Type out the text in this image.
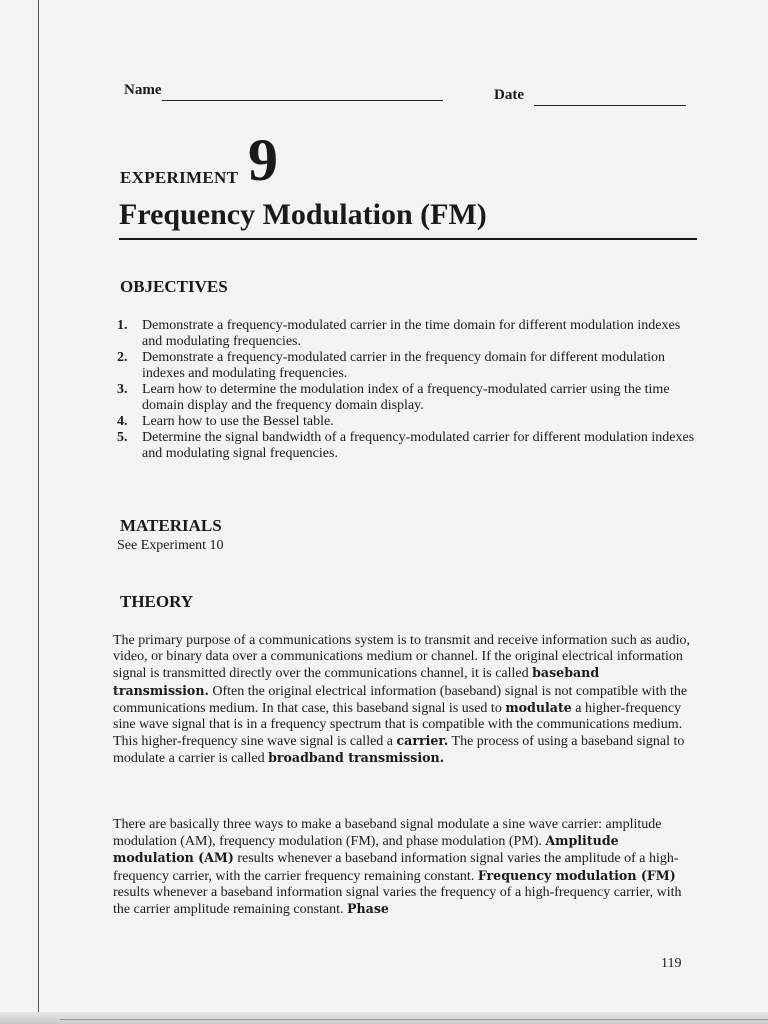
Name	Date
EXPERIMENT 9
Frequency Modulation (FM)
OBJECTIVES
1. Demonstrate a frequency-modulated carrier in the time domain for different modulation indexes and modulating frequencies.
2. Demonstrate a frequency-modulated carrier in the frequency domain for different modulation indexes and modulating frequencies.
3. Learn how to determine the modulation index of a frequency-modulated carrier using the time domain display and the frequency domain display.
4. Learn how to use the Bessel table.
5. Determine the signal bandwidth of a frequency-modulated carrier for different modulation indexes and modulating signal frequencies.
MATERIALS
See Experiment 10
THEORY

The primary purpose of a communications system is to transmit and receive information such as audio, video, or binary data over a communications medium or channel. If the original electrical information signal is transmitted directly over the communications channel, it is called baseband transmission. Often the original electrical information (baseband) signal is not compatible with the communications medium. In that case, this baseband signal is used to modulate a higher-frequency sine wave signal that is in a frequency spectrum that is compatible with the communications medium. This higher-frequency sine wave signal is called a carrier. The process of using a baseband signal to modulate a carrier is called broadband transmission.

There are basically three ways to make a baseband signal modulate a sine wave carrier: amplitude modulation (AM), frequency modulation (FM), and phase modulation (PM). Amplitude modulation (AM) results whenever a baseband information signal varies the amplitude of a high-frequency carrier, with the carrier frequency remaining constant. Frequency modulation (FM) results whenever a baseband information signal varies the frequency of a high-frequency carrier, with the carrier amplitude remaining constant. Phase

119
